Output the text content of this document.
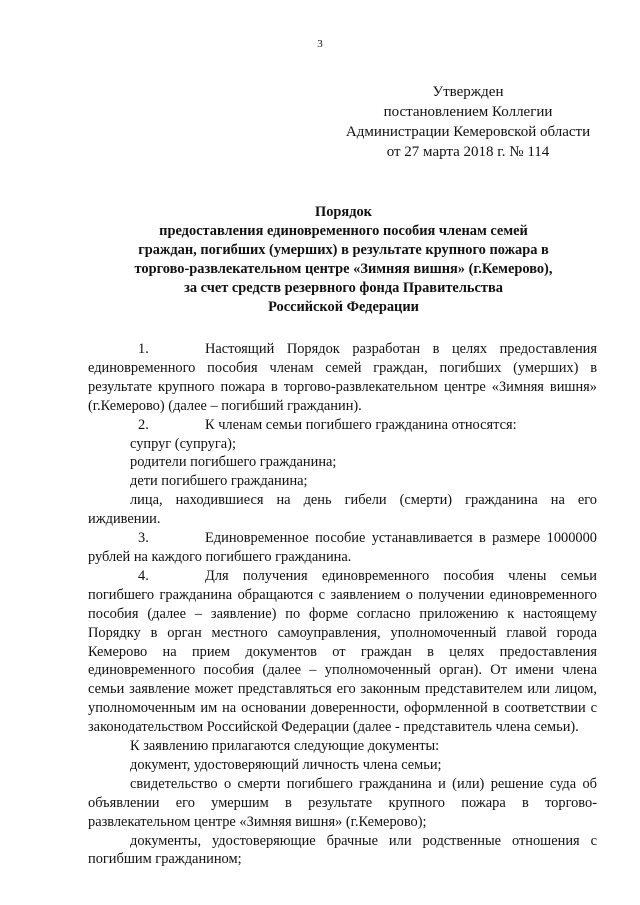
3
Утвержден
постановлением Коллегии
Администрации Кемеровской области
от 27 марта 2018 г. № 114
Порядок
предоставления единовременного пособия членам семей
граждан, погибших (умерших) в результате крупного пожара в
торгово-развлекательном центре «Зимняя вишня» (г.Кемерово),
за счет средств резервного фонда Правительства
Российской Федерации

1.	Настоящий Порядок разработан в целях предоставления единовременного пособия членам семей граждан, погибших (умерших) в результате крупного пожара в торгово-развлекательном центре «Зимняя вишня» (г.Кемерово) (далее – погибший гражданин).

2.	К членам семьи погибшего гражданина относятся:

супруг (супруга);

родители погибшего гражданина;

дети погибшего гражданина;

лица, находившиеся на день гибели (смерти) гражданина на его иждивении.

3.	Единовременное пособие устанавливается в размере 1000000 рублей на каждого погибшего гражданина.

4.	Для получения единовременного пособия члены семьи погибшего гражданина обращаются с заявлением о получении единовременного пособия (далее – заявление) по форме согласно приложению к настоящему Порядку в орган местного самоуправления, уполномоченный главой города Кемерово на прием документов от граждан в целях предоставления единовременного пособия (далее – уполномоченный орган). От имени члена семьи заявление может представляться его законным представителем или лицом, уполномоченным им на основании доверенности, оформленной в соответствии с законодательством Российской Федерации (далее - представитель члена семьи).

К заявлению прилагаются следующие документы:

документ, удостоверяющий личность члена семьи;

свидетельство о смерти погибшего гражданина и (или) решение суда об объявлении его умершим в результате крупного пожара в торгово-развлекательном центре «Зимняя вишня» (г.Кемерово);

документы, удостоверяющие брачные или родственные отношения с погибшим гражданином;
